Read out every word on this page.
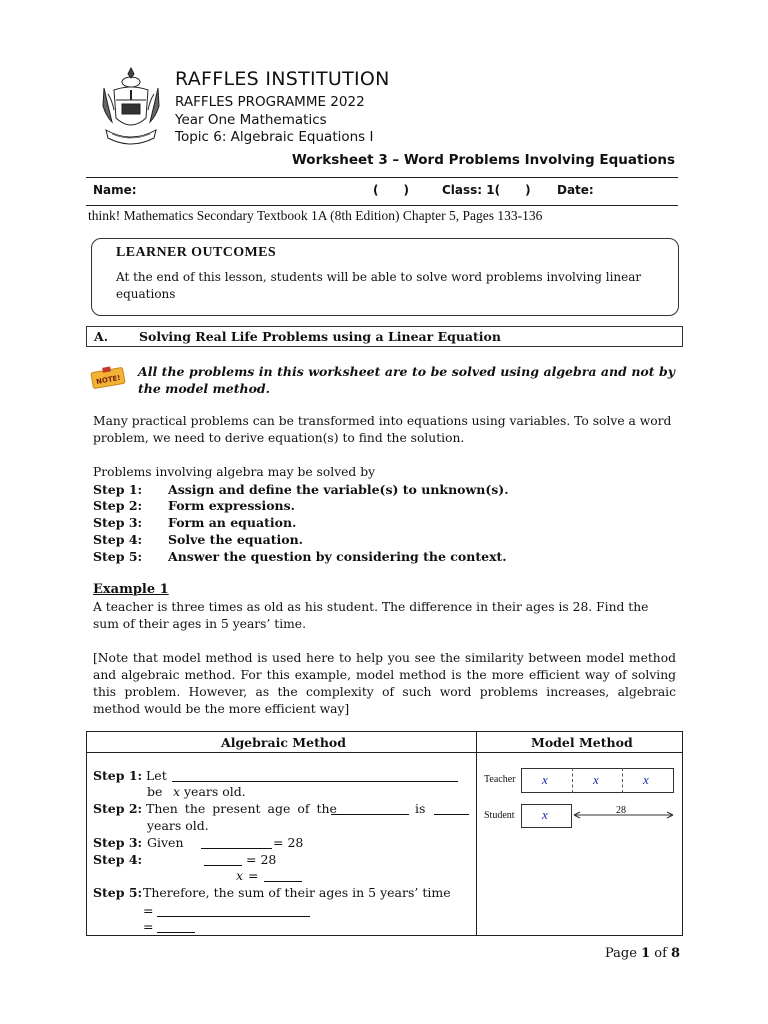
RAFFLES INSTITUTION
RAFFLES PROGRAMME 2022
Year One Mathematics
Topic 6: Algebraic Equations I
Worksheet 3 – Word Problems Involving Equations
Name:	(      )	Class: 1(      ) Date:
think! Mathematics Secondary Textbook 1A (8th Edition) Chapter 5, Pages 133-136
LEARNER OUTCOMES
At the end of this lesson, students will be able to solve word problems involving linear equations
A. Solving Real Life Problems using a Linear Equation
NOTE!
All the problems in this worksheet are to be solved using algebra and not by the model method.
Many practical problems can be transformed into equations using variables. To solve a word problem, we need to derive equation(s) to find the solution.
Problems involving algebra may be solved by
Step 1: Assign and define the variable(s) to unknown(s).
Step 2: Form expressions.
Step 3: Form an equation.
Step 4: Solve the equation.
Step 5: Answer the question by considering the context.
Example 1
A teacher is three times as old as his student. The difference in their ages is 28. Find the sum of their ages in 5 years’ time.
[Note that model method is used here to help you see the similarity between model method and algebraic method. For this example, model method is the more efficient way of solving this problem. However, as the complexity of such word problems increases, algebraic method would be the more efficient way]
Algebraic Method	Model Method
Step 1: Let
be x years old.
Step 2: Then the present age of the	is
years old.
Step 3: Given	= 28
Step 4:	= 28
x =
Step 5: Therefore, the sum of their ages in 5 years’ time
=
=
Teacher x	x	x
Student x	28
Page 1 of 8
